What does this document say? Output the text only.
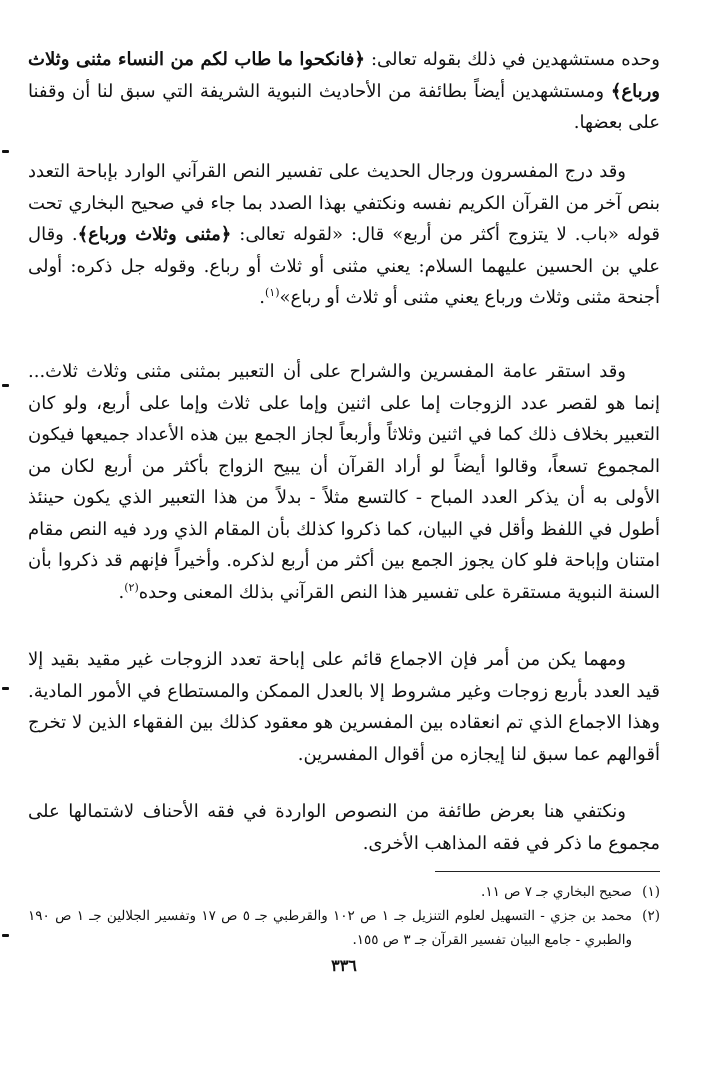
وحده مستشهدين في ذلك بقوله تعالى: ﴿فانكحوا ما طاب لكم من النساء مثنى وثلاث ورباع﴾ ومستشهدين أيضاً بطائفة من الأحاديث النبوية الشريفة التي سبق لنا أن وقفنا على بعضها.

وقد درج المفسرون ورجال الحديث على تفسير النص القرآني الوارد بإباحة التعدد بنص آخر من القرآن الكريم نفسه ونكتفي بهذا الصدد بما جاء في صحيح البخاري تحت قوله «باب. لا يتزوج أكثر من أربع» قال: «لقوله تعالى: ﴿مثنى وثلاث ورباع﴾. وقال علي بن الحسين عليهما السلام: يعني مثنى أو ثلاث أو رباع. وقوله جل ذكره: أولى أجنحة مثنى وثلاث ورباع يعني مثنى أو ثلاث أو رباع»$^{(١)}$.

وقد استقر عامة المفسرين والشراح على أن التعبير بمثنى مثنى وثلاث ثلاث... إنما هو لقصر عدد الزوجات إما على اثنين وإما على ثلاث وإما على أربع، ولو كان التعبير بخلاف ذلك كما في اثنين وثلاثاً وأربعاً لجاز الجمع بين هذه الأعداد جميعها فيكون المجموع تسعاً، وقالوا أيضاً لو أراد القرآن أن يبيح الزواج بأكثر من أربع لكان من الأولى به أن يذكر العدد المباح - كالتسع مثلاً - بدلاً من هذا التعبير الذي يكون حينئذ أطول في اللفظ وأقل في البيان، كما ذكروا كذلك بأن المقام الذي ورد فيه النص مقام امتنان وإباحة فلو كان يجوز الجمع بين أكثر من أربع لذكره. وأخيراً فإنهم قد ذكروا بأن السنة النبوية مستقرة على تفسير هذا النص القرآني بذلك المعنى وحده$^{(٢)}$.

ومهما يكن من أمر فإن الاجماع قائم على إباحة تعدد الزوجات غير مقيد بقيد إلا قيد العدد بأربع زوجات وغير مشروط إلا بالعدل الممكن والمستطاع في الأمور المادية. وهذا الاجماع الذي تم انعقاده بين المفسرين هو معقود كذلك بين الفقهاء الذين لا تخرج أقوالهم عما سبق لنا إيجازه من أقوال المفسرين.

ونكتفي هنا بعرض طائفة من النصوص الواردة في فقه الأحناف لاشتمالها على مجموع ما ذكر في فقه المذاهب الأخرى.

(١)
صحيح البخاري جـ ٧ ص ١١.
(٢)
محمد بن جزي - التسهيل لعلوم التنزيل جـ ١ ص ١٠٢ والقرطبي جـ ٥ ص ١٧ وتفسير الجلالين جـ ١ ص ١٩٠ والطبري - جامع البيان تفسير القرآن جـ ٣ ص ١٥٥.
٣٣٦
